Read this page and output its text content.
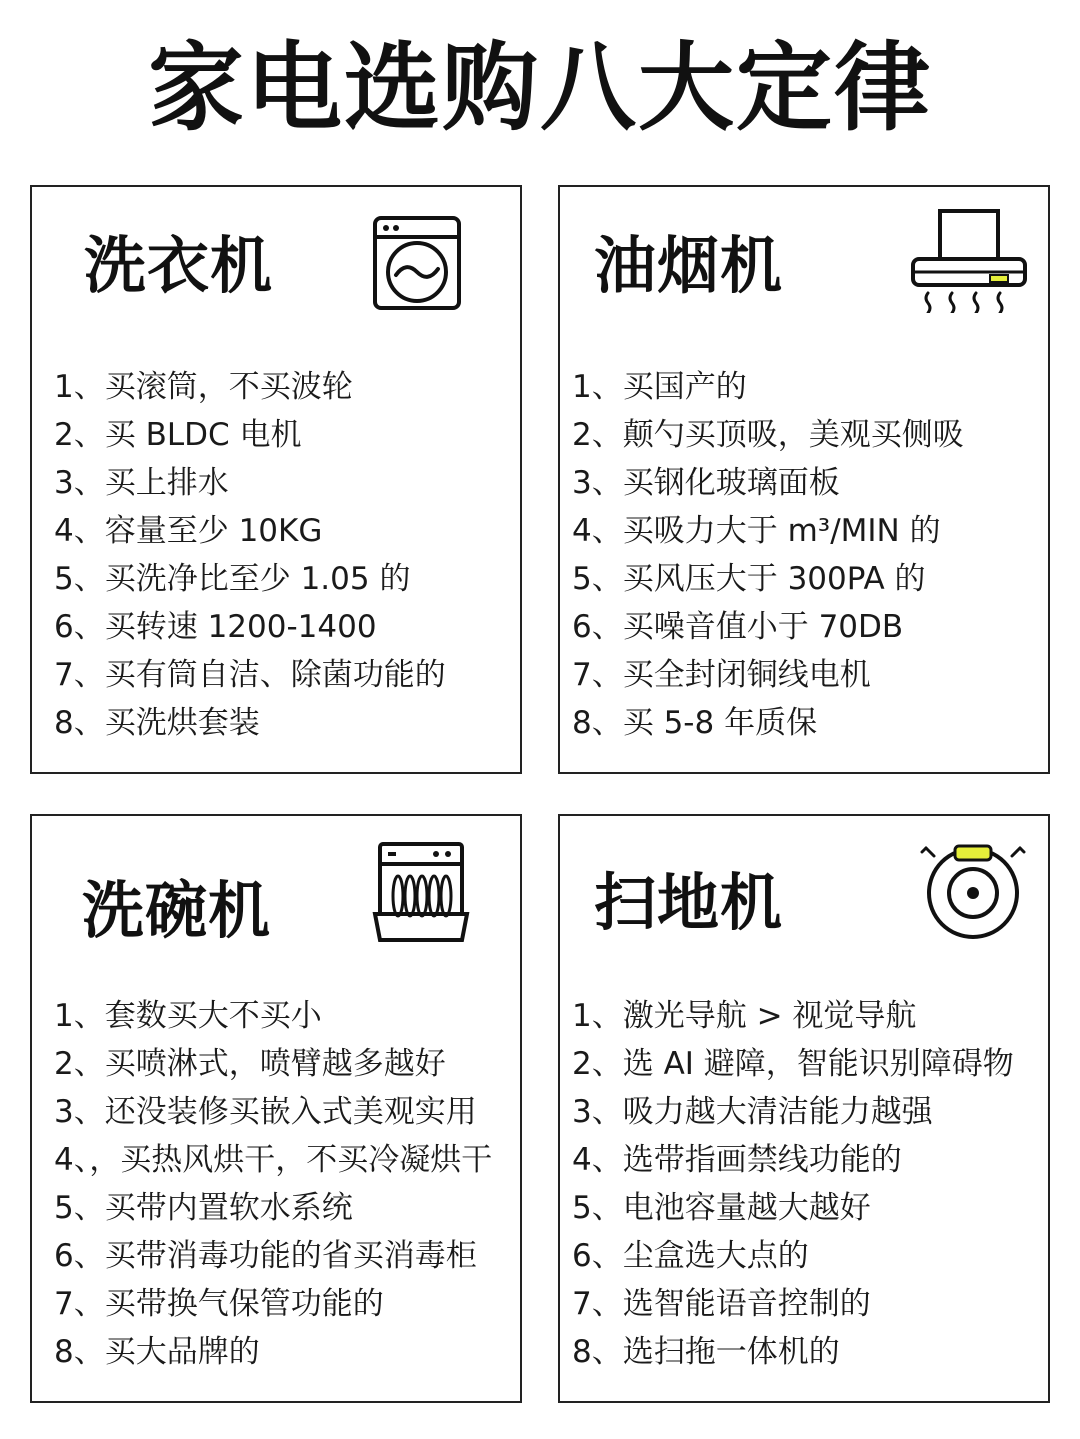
家电选购八大定律
洗衣机
1、买滚筒，不买波轮
2、买 BLDC 电机
3、买上排水
4、容量至少 10KG
5、买洗净比至少 1.05 的
6、买转速 1200-1400
7、买有筒自洁、除菌功能的
8、买洗烘套装
油烟机
1、买国产的
2、颠勺买顶吸，美观买侧吸
3、买钢化玻璃面板
4、买吸力大于 m³/MIN 的
5、买风压大于 300PA 的
6、买噪音值小于 70DB
7、买全封闭铜线电机
8、买 5-8 年质保
洗碗机
1、套数买大不买小
2、买喷淋式，喷臂越多越好
3、还没装修买嵌入式美观实用
4、，买热风烘干，不买冷凝烘干
5、买带内置软水系统
6、买带消毒功能的省买消毒柜
7、买带换气保管功能的
8、买大品牌的
扫地机
1、激光导航 > 视觉导航
2、选 AI 避障，智能识别障碍物
3、吸力越大清洁能力越强
4、选带指画禁线功能的
5、电池容量越大越好
6、尘盒选大点的
7、选智能语音控制的
8、选扫拖一体机的
